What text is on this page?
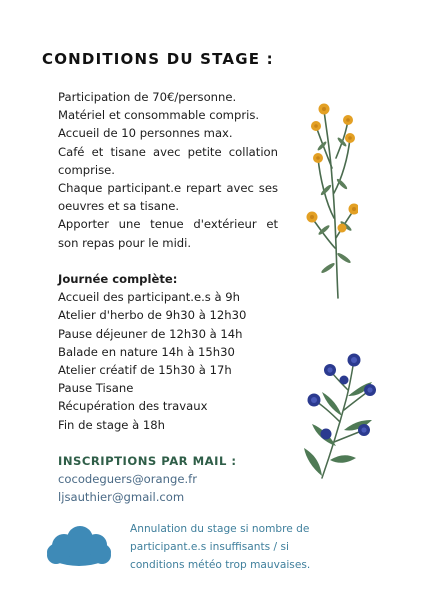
CONDITIONS DU STAGE :

Participation de 70€/personne.

Matériel et consommable compris.

Accueil de 10 personnes max.

Café et tisane avec petite collation comprise.

Chaque participant.e repart avec ses oeuvres et sa tisane.

Apporter une tenue d'extérieur et son repas pour le midi.

Journée complète:
Accueil des participant.e.s à 9h
Atelier d'herbo de 9h30 à 12h30
Pause déjeuner de 12h30 à 14h
Balade en nature 14h à 15h30
Atelier créatif de 15h30 à 17h
Pause Tisane
Récupération des travaux
Fin de stage à 18h
INSCRIPTIONS PAR MAIL :
cocodeguers@orange.fr
ljsauthier@gmail.com
Annulation du stage si nombre de
participant.e.s insuffisants / si
conditions météo trop mauvaises.
